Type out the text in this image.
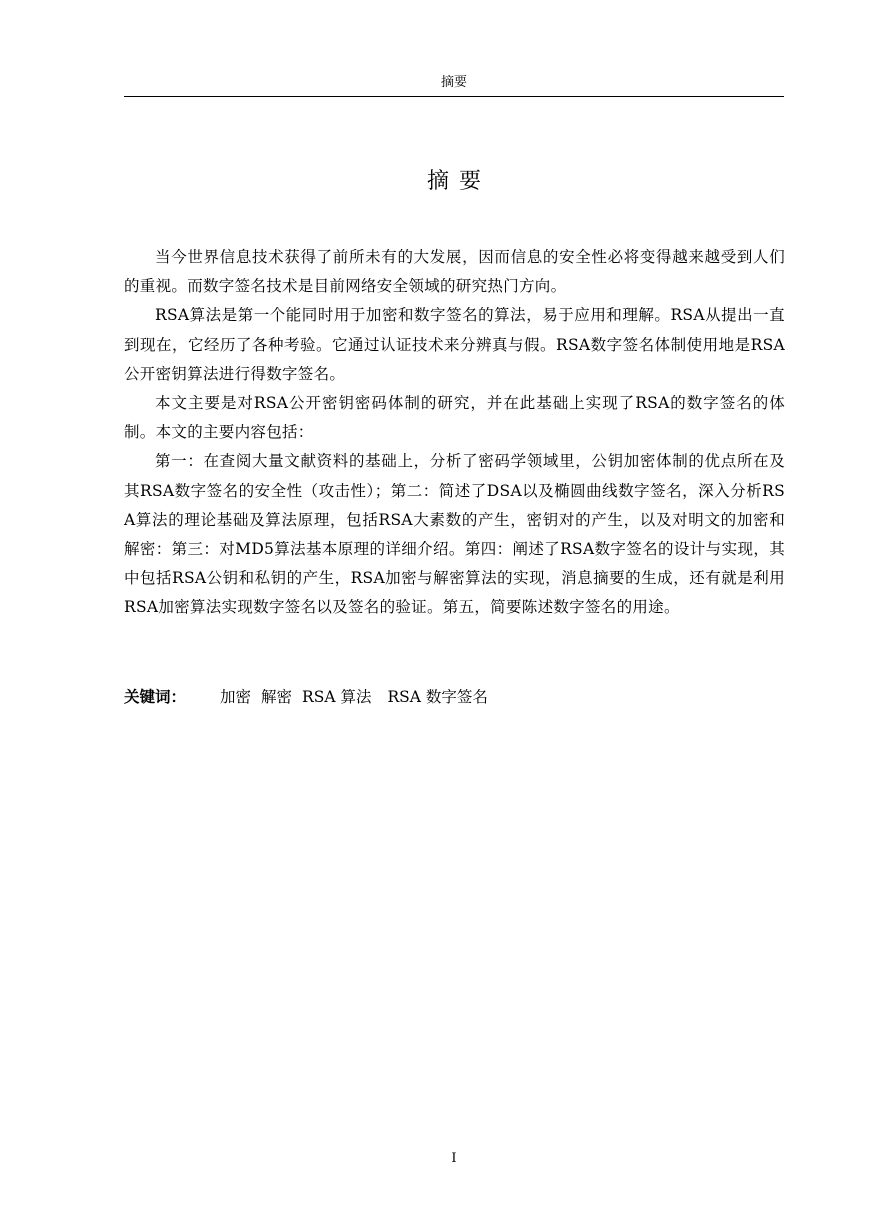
摘要
摘要

当今世界信息技术获得了前所未有的大发展，因而信息的安全性必将变得越来越受到人们的重视。而数字签名技术是目前网络安全领域的研究热门方向。

RSA算法是第一个能同时用于加密和数字签名的算法，易于应用和理解。RSA从提出一直到现在，它经历了各种考验。它通过认证技术来分辨真与假。RSA数字签名体制使用地是RSA公开密钥算法进行得数字签名。

本文主要是对RSA公开密钥密码体制的研究，并在此基础上实现了RSA的数字签名的体制。本文的主要内容包括：

第一：在查阅大量文献资料的基础上，分析了密码学领域里，公钥加密体制的优点所在及其RSA数字签名的安全性（攻击性）；第二：简述了DSA以及椭圆曲线数字签名，深入分析RSA算法的理论基础及算法原理，包括RSA大素数的产生，密钥对的产生，以及对明文的加密和解密：第三：对MD5算法基本原理的详细介绍。第四：阐述了RSA数字签名的设计与实现，其中包括RSA公钥和私钥的产生，RSA加密与解密算法的实现，消息摘要的生成，还有就是利用RSA加密算法实现数字签名以及签名的验证。第五，简要陈述数字签名的用途。

关键词： 加密 解密 RSA 算法 RSA 数字签名
I
